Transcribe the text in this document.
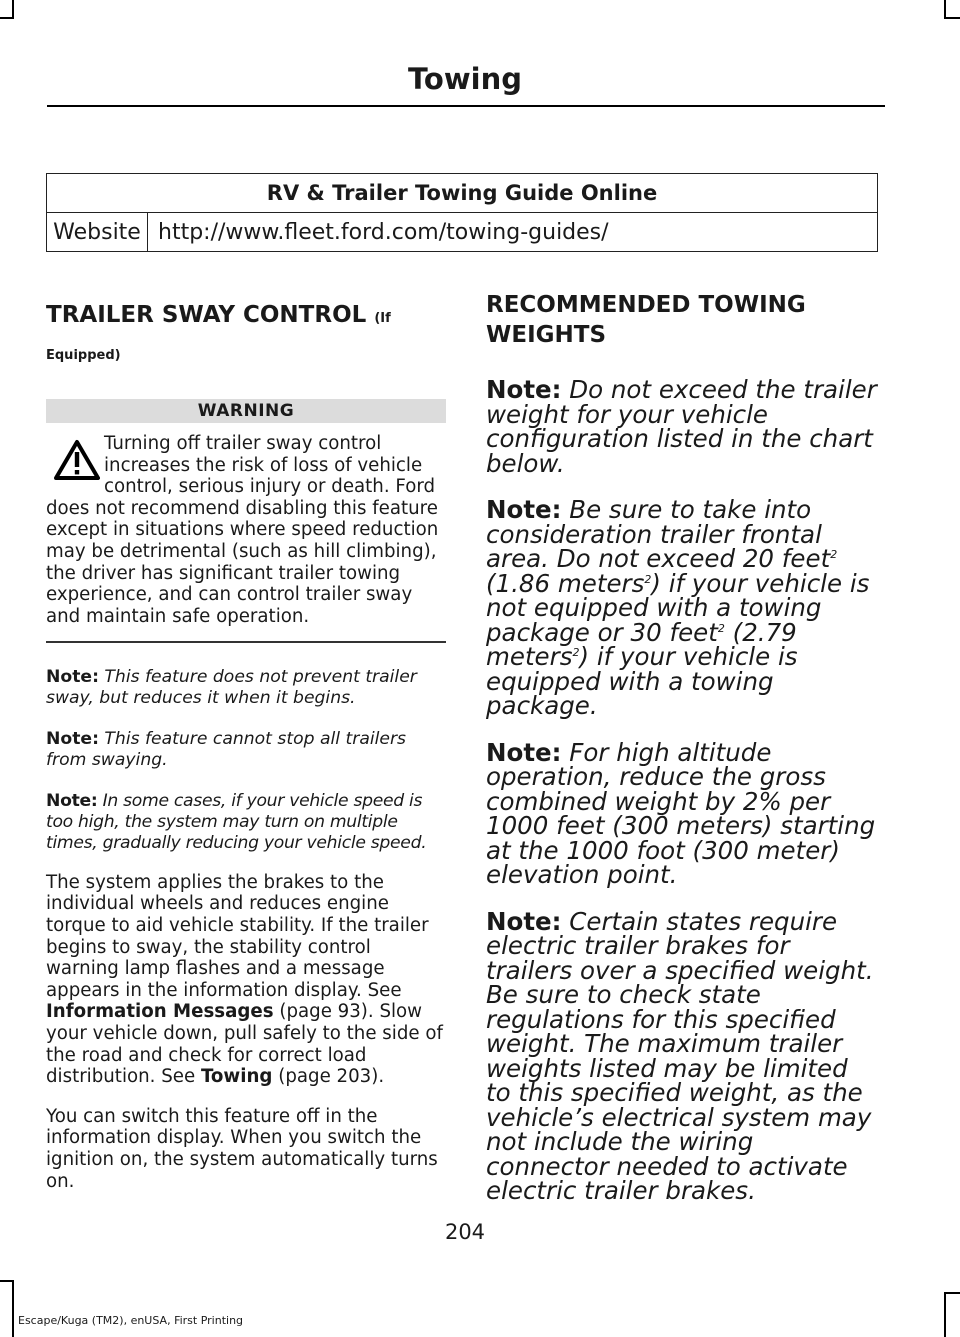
Towing
RV & Trailer Towing Guide Online
Website	http://www.fleet.ford.com/towing-guides/
TRAILER SWAY CONTROL (If
Equipped)
WARNING
Turning off trailer sway control
increases the risk of loss of vehicle
control, serious injury or death. Ford
does not recommend disabling this feature except in situations where speed reduction may be detrimental (such as hill climbing), the driver has significant trailer towing experience, and can control trailer sway and maintain safe operation.
Note: This feature does not prevent trailer sway, but reduces it when it begins.
Note: This feature cannot stop all trailers from swaying.
Note: In some cases, if your vehicle speed is too high, the system may turn on multiple times, gradually reducing your vehicle speed.
The system applies the brakes to the individual wheels and reduces engine torque to aid vehicle stability. If the trailer begins to sway, the stability control warning lamp flashes and a message appears in the information display. See Information Messages (page 93). Slow your vehicle down, pull safely to the side of the road and check for correct load distribution. See Towing (page 203).
You can switch this feature off in the information display. When you switch the ignition on, the system automatically turns on.
RECOMMENDED TOWING
WEIGHTS
Note: Do not exceed the trailer weight for your vehicle configuration listed in the chart below.
Note: Be sure to take into consideration trailer frontal area. Do not exceed 20 feet$^2$ (1.86 meters$^2$) if your vehicle is not equipped with a towing package or 30 feet$^2$ (2.79 meters$^2$) if your vehicle is equipped with a towing package.
Note: For high altitude operation, reduce the gross combined weight by 2% per 1000 feet (300 meters) starting at the 1000 foot (300 meter) elevation point.
Note: Certain states require electric trailer brakes for trailers over a specified weight. Be sure to check state regulations for this specified weight. The maximum trailer weights listed may be limited to this specified weight, as the vehicle’s electrical system may not include the wiring connector needed to activate electric trailer brakes.
204
Escape/Kuga (TM2), enUSA, First Printing
